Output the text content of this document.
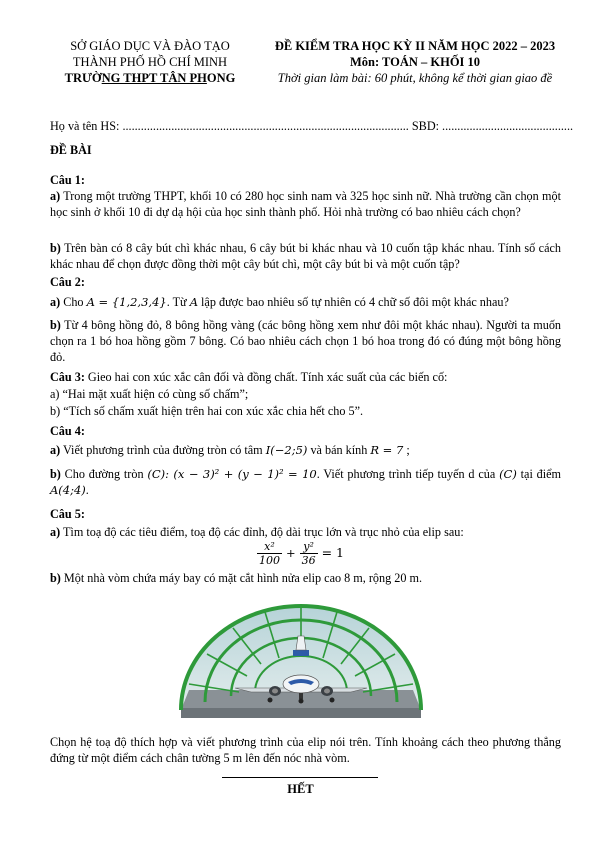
SỞ GIÁO DỤC VÀ ĐÀO TẠO
THÀNH PHỐ HỒ CHÍ MINH
TRƯỜNG THPT TÂN PHONG
ĐỀ KIỂM TRA HỌC KỲ II NĂM HỌC 2022 – 2023
Môn: TOÁN – KHỐI 10
Thời gian làm bài: 60 phút, không kể thời gian giao đề
Họ và tên HS: .............................................................................................. SBD: ...........................................
ĐỀ BÀI
Câu 1:
a) Trong một trường THPT, khối 10 có 280 học sinh nam và 325 học sinh nữ. Nhà trường cần chọn một học sinh ở khối 10 đi dự dạ hội của học sinh thành phố. Hỏi nhà trường có bao nhiêu cách chọn?
b) Trên bàn có 8 cây bút chì khác nhau, 6 cây bút bi khác nhau và 10 cuốn tập khác nhau. Tính số cách khác nhau để chọn được đồng thời một cây bút chì, một cây bút bi và một cuốn tập?
Câu 2:
a) Cho A = {1,2,3,4}. Từ A lập được bao nhiêu số tự nhiên có 4 chữ số đôi một khác nhau?
b) Từ 4 bông hồng đỏ, 8 bông hồng vàng (các bông hồng xem như đôi một khác nhau). Người ta muốn chọn ra 1 bó hoa hồng gồm 7 bông. Có bao nhiêu cách chọn 1 bó hoa trong đó có đúng một bông hồng đỏ.
Câu 3: Gieo hai con xúc xắc cân đối và đồng chất. Tính xác suất của các biến cố:
a) “Hai mặt xuất hiện có cùng số chấm”;
b) “Tích số chấm xuất hiện trên hai con xúc xắc chia hết cho 5”.
Câu 4:
a) Viết phương trình của đường tròn có tâm I(−2;5) và bán kính R = 7 ;
b) Cho đường tròn (C): (x − 3)² + (y − 1)² = 10. Viết phương trình tiếp tuyến d của (C) tại điểm A(4;4).
Câu 5:
a) Tìm toạ độ các tiêu điểm, toạ độ các đỉnh, độ dài trục lớn và trục nhỏ của elip sau:
$\frac{\text{x²}}{100} + \frac{\text{y²}}{36} = 1$
b) Một nhà vòm chứa máy bay có mặt cắt hình nửa elip cao 8 m, rộng 20 m.
Chọn hệ toạ độ thích hợp và viết phương trình của elip nói trên. Tính khoảng cách theo phương thẳng đứng từ một điểm cách chân tường 5 m lên đến nóc nhà vòm.
HẾT
